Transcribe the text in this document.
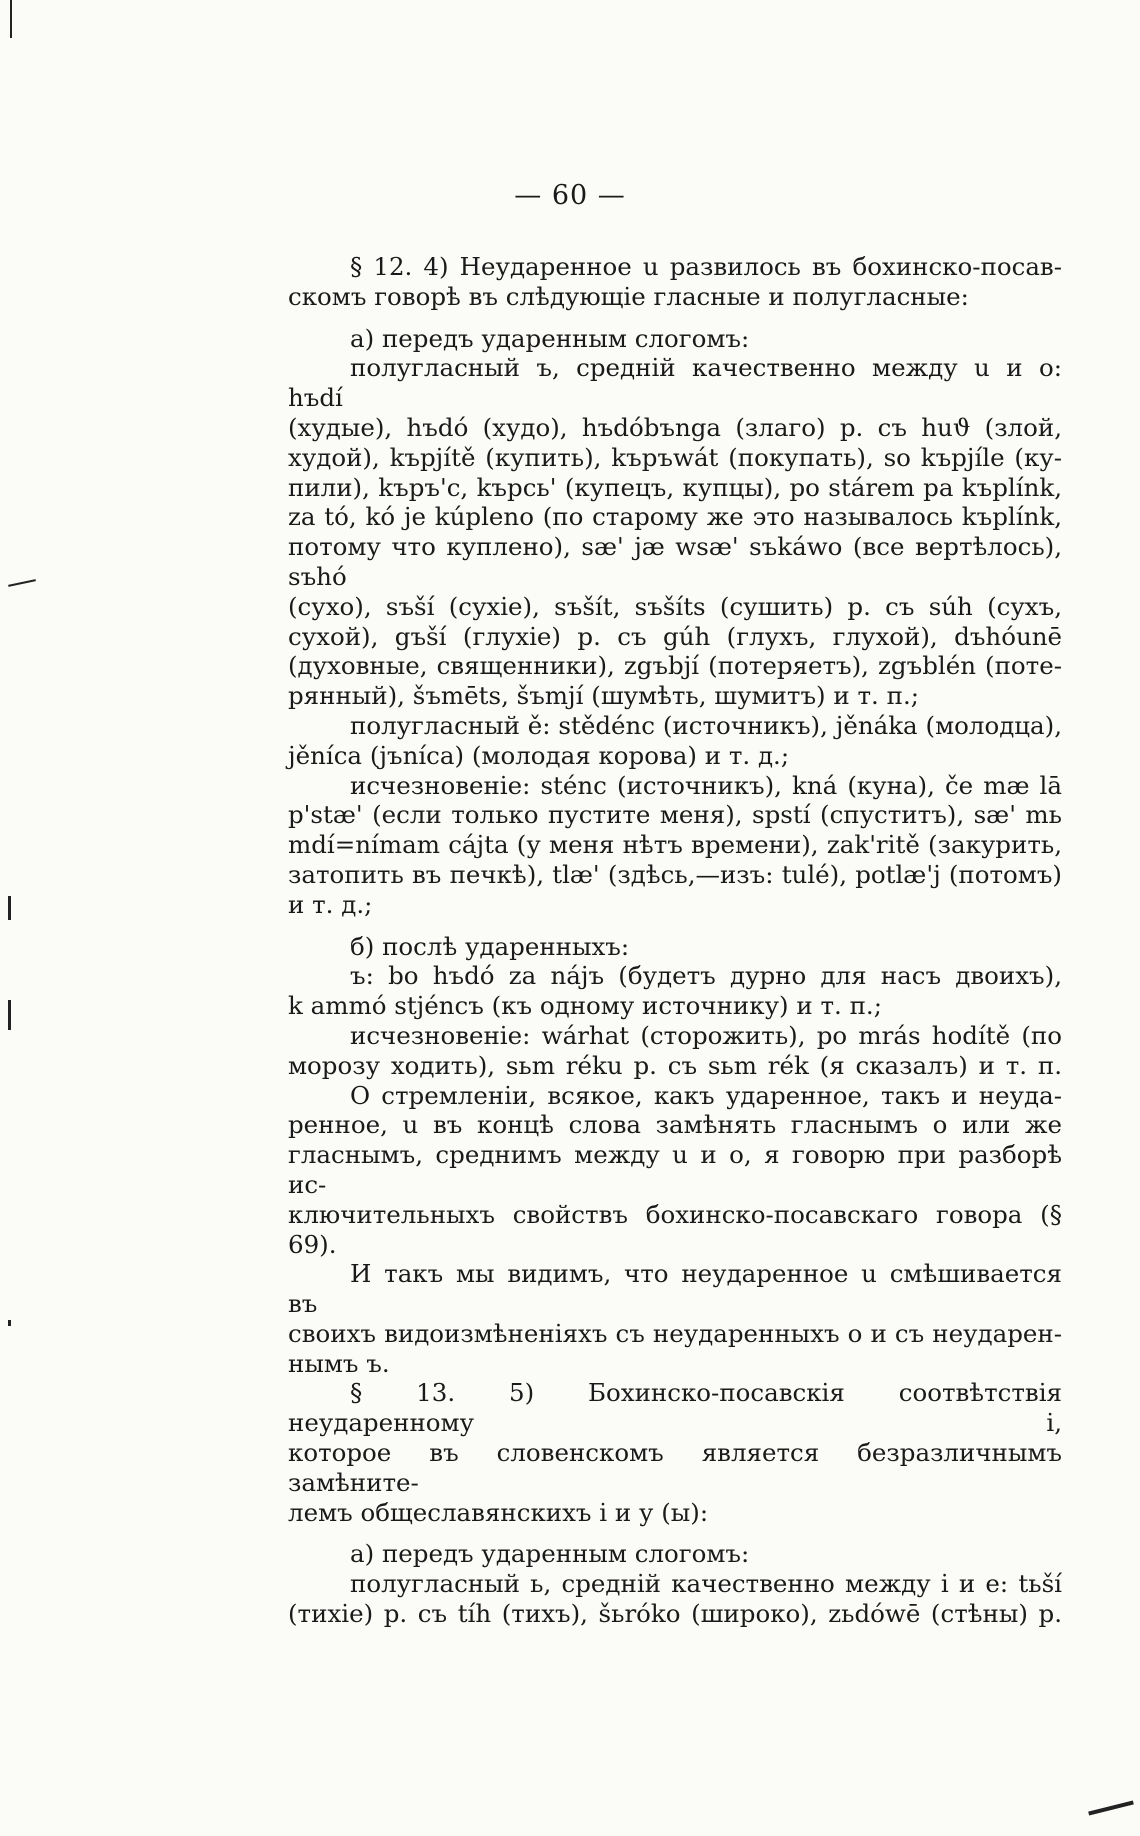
— 60 —

§ 12. 4) Неударенное u развилось въ бохинско-посав-

скомъ говорѣ въ слѣдующіе гласные и полугласные:

а) передъ ударенным слогомъ:

полугласный ъ, средній качественно между u и o: hъdí

(худые), hъdó (худо), hъdóbъnga (злаго) р. съ huϑ (злой,

худой), kъpjítě (купить), kъръwát (покупать), so kъpjíle (ку-

пили), kъpъ'c, kъpcь' (купецъ, купцы), po stárem pa kъplínk,

za tó, kó je kúpleno (по старому же это называлось kъplínk,

потому что куплено), sæ' jæ wsæ' sъkáwo (все вертѣлось), sъhó

(сухо), sъší (сухіе), sъšít, sъšíts (сушить) р. съ súh (сухъ,

сухой), gъší (глухіе) р. съ gúh (глухъ, глухой), dъhóunē

(духовные, священники), zgъbjí (потеряетъ), zgъblén (поте-

рянный), šъmēts, šъmjí (шумѣть, шумитъ) и т. п.;

полугласный ě: stědénc (источникъ), jěnáka (молодца),

jěníca (jъníca) (молодая корова) и т. д.;

исчезновеніе: sténc (источникъ), kná (куна), če mæ lā

p'stæ' (если только пустите меня), spstí (спуститъ), sæ' mь

mdí=nímam cájta (у меня нѣтъ времени), zak'ritě (закурить,

затопить въ печкѣ), tlæ' (здѣсь,—изъ: tulé), potlæ'j (потомъ)

и т. д.;

б) послѣ ударенныхъ:

ъ: bo hъdó za nájъ (будетъ дурно для насъ двоихъ),

k ammó stjéncъ (къ одному источнику) и т. п.;

исчезновеніе: wárhat (сторожить), po mrás hodítě (по

морозу ходить), sьm réku р. съ sьm rék (я сказалъ) и т. п.

О стремленіи, всякое, какъ ударенное, такъ и неуда-

ренное, u въ концѣ слова замѣнять гласнымъ o или же

гласнымъ, среднимъ между u и o, я говорю при разборѣ ис-

ключительныхъ свойствъ бохинско-посавскаго говора (§ 69).

И такъ мы видимъ, что неударенное u смѣшивается въ

своихъ видоизмѣненіяхъ съ неударенныхъ o и съ неударен-

нымъ ъ.

§ 13. 5) Бохинско-посавскія соотвѣтствія неударенному i,

которое въ словенскомъ является безразличнымъ замѣните-

лемъ общеславянскихъ і и у (ы):

а) передъ ударенным слогомъ:

полугласный ь, средній качественно между і и е: tьší

(тихіе) р. съ tíh (тихъ), šьróko (широко), zьdówē (стѣны) р.
